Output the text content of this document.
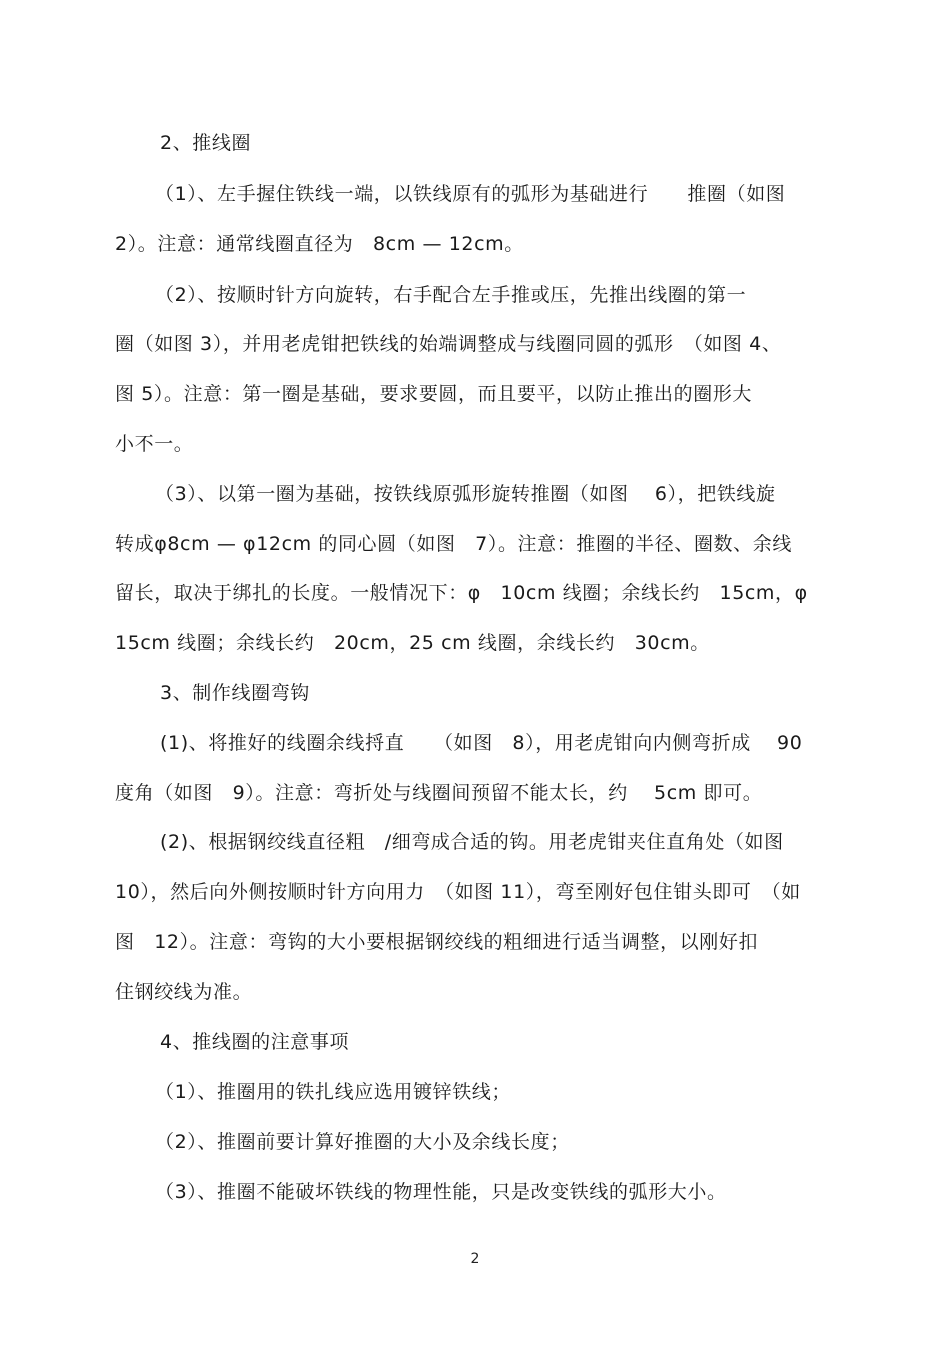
2、推线圈
（1）、左手握住铁线一端，以铁线原有的弧形为基础进行　　推圈（如图
2）。注意：通常线圈直径为　8cm — 12cm。
（2）、按顺时针方向旋转，右手配合左手推或压，先推出线圈的第一
圈（如图 3），并用老虎钳把铁线的始端调整成与线圈同圆的弧形　（如图 4、
图 5）。注意：第一圈是基础，要求要圆，而且要平，以防止推出的圈形大
小不一。
（3）、以第一圈为基础，按铁线原弧形旋转推圈（如图　 6），把铁线旋
转成φ8cm — φ12cm 的同心圆（如图　7）。注意：推圈的半径、圈数、余线
留长，取决于绑扎的长度。一般情况下：φ　10cm 线圈；余线长约　15cm，φ
15cm 线圈；余线长约　20cm，25 cm 线圈，余线长约　30cm。
3、制作线圈弯钩
(1)、将推好的线圈余线捋直　　（如图　8），用老虎钳向内侧弯折成　 90
度角（如图　9）。注意：弯折处与线圈间预留不能太长，约　 5cm 即可。
(2)、根据钢绞线直径粗　/细弯成合适的钩。用老虎钳夹住直角处（如图
10），然后向外侧按顺时针方向用力　（如图 11），弯至刚好包住钳头即可　（如
图　12）。注意：弯钩的大小要根据钢绞线的粗细进行适当调整，以刚好扣
住钢绞线为准。
4、推线圈的注意事项
（1）、推圈用的铁扎线应选用镀锌铁线；
（2）、推圈前要计算好推圈的大小及余线长度；
（3）、推圈不能破坏铁线的物理性能，只是改变铁线的弧形大小。
2
